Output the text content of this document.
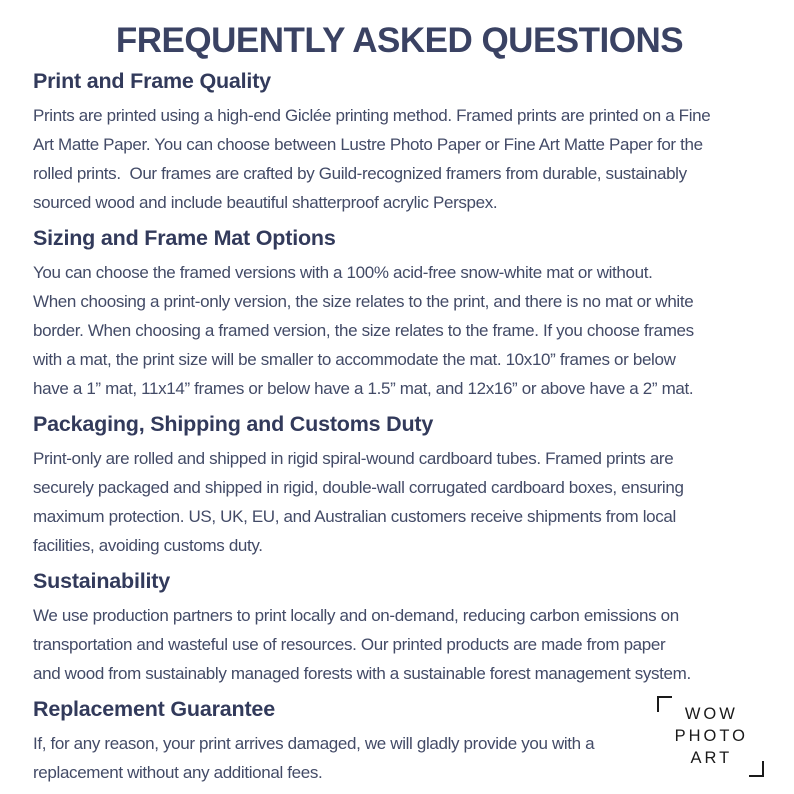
FREQUENTLY ASKED QUESTIONS
Print and Frame Quality

Prints are printed using a high-end Giclée printing method. Framed prints are printed on a Fine
Art Matte Paper. You can choose between Lustre Photo Paper or Fine Art Matte Paper for the
rolled prints.  Our frames are crafted by Guild-recognized framers from durable, sustainably
sourced wood and include beautiful shatterproof acrylic Perspex.

Sizing and Frame Mat Options

You can choose the framed versions with a 100% acid-free snow-white mat or without.
When choosing a print-only version, the size relates to the print, and there is no mat or white
border. When choosing a framed version, the size relates to the frame. If you choose frames
with a mat, the print size will be smaller to accommodate the mat. 10x10” frames or below
have a 1” mat, 11x14” frames or below have a 1.5” mat, and 12x16” or above have a 2” mat.

Packaging, Shipping and Customs Duty

Print-only are rolled and shipped in rigid spiral-wound cardboard tubes. Framed prints are
securely packaged and shipped in rigid, double-wall corrugated cardboard boxes, ensuring
maximum protection. US, UK, EU, and Australian customers receive shipments from local
facilities, avoiding customs duty.

Sustainability

We use production partners to print locally and on-demand, reducing carbon emissions on
transportation and wasteful use of resources. Our printed products are made from paper
and wood from sustainably managed forests with a sustainable forest management system.

Replacement Guarantee

If, for any reason, your print arrives damaged, we will gladly provide you with a
replacement without any additional fees.

WOW
PHOTO
ART
